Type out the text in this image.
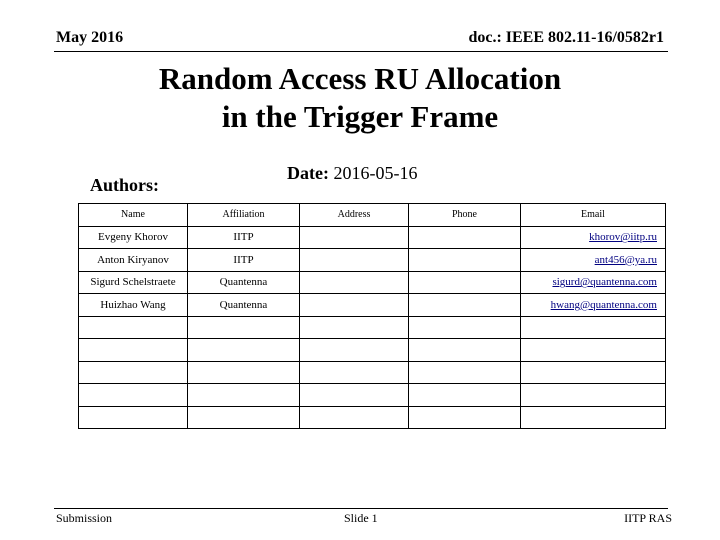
May 2016	doc.: IEEE 802.11-16/0582r1
Random Access RU Allocation
in the Trigger Frame
Date: 2016-05-16
Authors:
Name	Affiliation	Address	Phone	Email
Evgeny Khorov	IITP			khorov@iitp.ru
Anton Kiryanov	IITP			ant456@ya.ru
Sigurd Schelstraete	Quantenna			sigurd@quantenna.com
Huizhao Wang	Quantenna			hwang@quantenna.com

Submission	Slide 1	IITP RAS
